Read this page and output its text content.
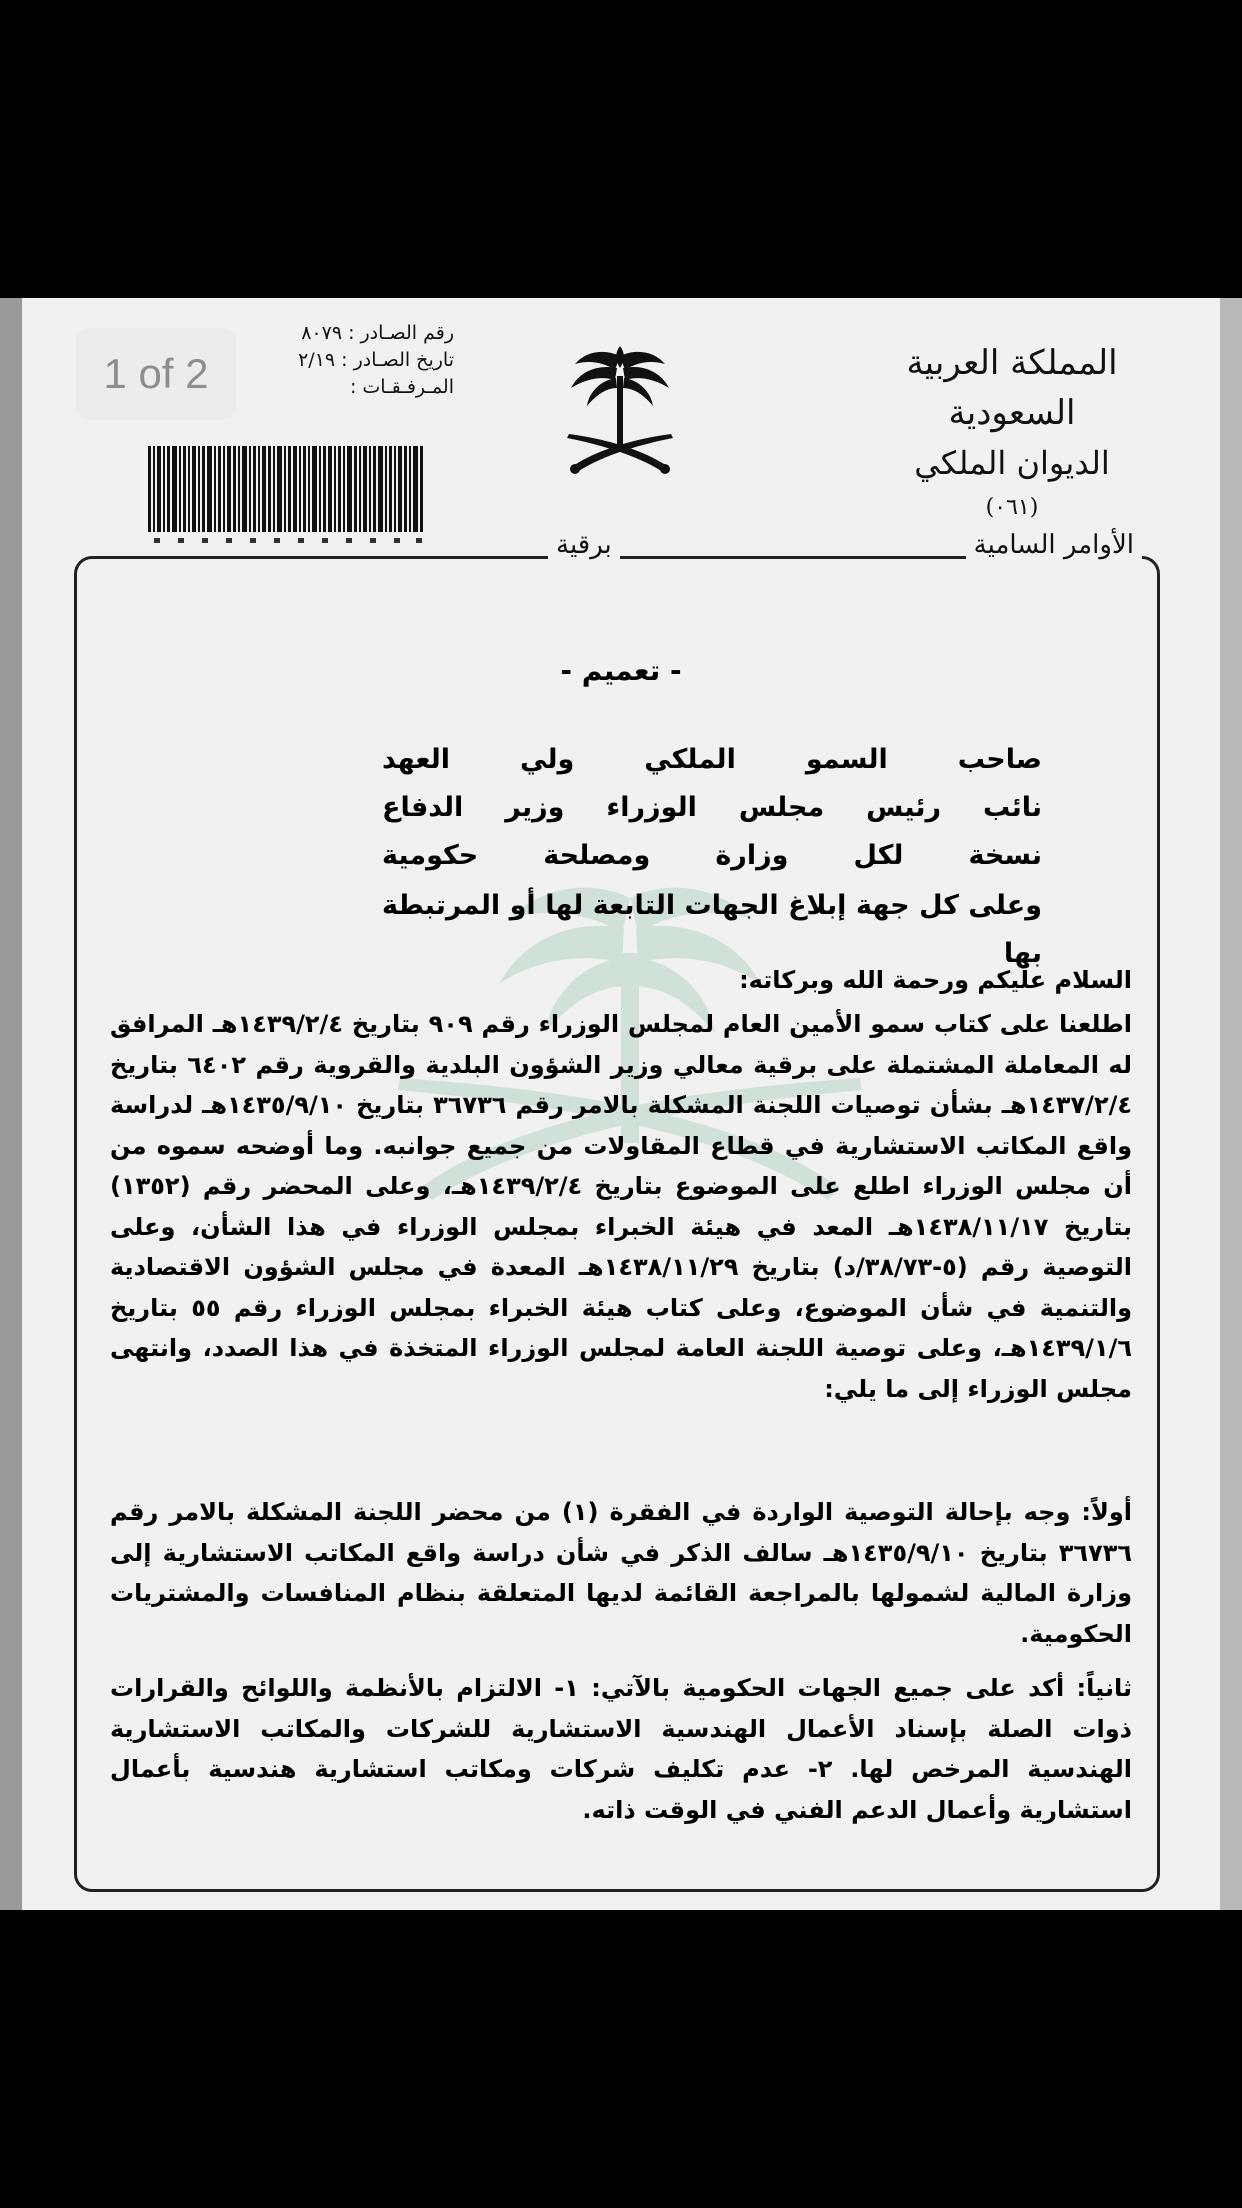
1 of 2
رقم الصـادر : ٨٠٧٩
تاريخ الصـادر : ٢/١٩
المـرفـقـات :
المملكة العربية السعودية
الديوان الملكي
(٠٦١)
الأوامر السامية
برقية
- تعميم -
صاحب السمو الملكي ولي العهد
نائب رئيس مجلس الوزراء وزير الدفاع
نسخة لكل وزارة ومصلحة حكومية
وعلى كل جهة إبلاغ الجهات التابعة لها أو المرتبطة بها
السلام عليكم ورحمة الله وبركاته:
اطلعنا على كتاب سمو الأمين العام لمجلس الوزراء رقم ٩٠٩ بتاريخ ١٤٣٩/٢/٤هـ المرافق له المعاملة المشتملة على برقية معالي وزير الشؤون البلدية والقروية رقم ٦٤٠٢ بتاريخ ١٤٣٧/٢/٤هـ بشأن توصيات اللجنة المشكلة بالامر رقم ٣٦٧٣٦ بتاريخ ١٤٣٥/٩/١٠هـ لدراسة واقع المكاتب الاستشارية في قطاع المقاولات من جميع جوانبه. وما أوضحه سموه من أن مجلس الوزراء اطلع على الموضوع بتاريخ ١٤٣٩/٢/٤هـ، وعلى المحضر رقم (١٣٥٢) بتاريخ ١٤٣٨/١١/١٧هـ المعد في هيئة الخبراء بمجلس الوزراء في هذا الشأن، وعلى التوصية رقم (٥-٣٨/٧٣/د) بتاريخ ١٤٣٨/١١/٢٩هـ المعدة في مجلس الشؤون الاقتصادية والتنمية في شأن الموضوع، وعلى كتاب هيئة الخبراء بمجلس الوزراء رقم ٥٥ بتاريخ ١٤٣٩/١/٦هـ، وعلى توصية اللجنة العامة لمجلس الوزراء المتخذة في هذا الصدد، وانتهى مجلس الوزراء إلى ما يلي:
أولاً: وجه بإحالة التوصية الواردة في الفقرة (١) من محضر اللجنة المشكلة بالامر رقم ٣٦٧٣٦ بتاريخ ١٤٣٥/٩/١٠هـ سالف الذكر في شأن دراسة واقع المكاتب الاستشارية إلى وزارة المالية لشمولها بالمراجعة القائمة لديها المتعلقة بنظام المنافسات والمشتريات الحكومية.
ثانياً: أكد على جميع الجهات الحكومية بالآتي: ١- الالتزام بالأنظمة واللوائح والقرارات ذوات الصلة بإسناد الأعمال الهندسية الاستشارية للشركات والمكاتب الاستشارية الهندسية المرخص لها. ٢- عدم تكليف شركات ومكاتب استشارية هندسية بأعمال استشارية وأعمال الدعم الفني في الوقت ذاته.
